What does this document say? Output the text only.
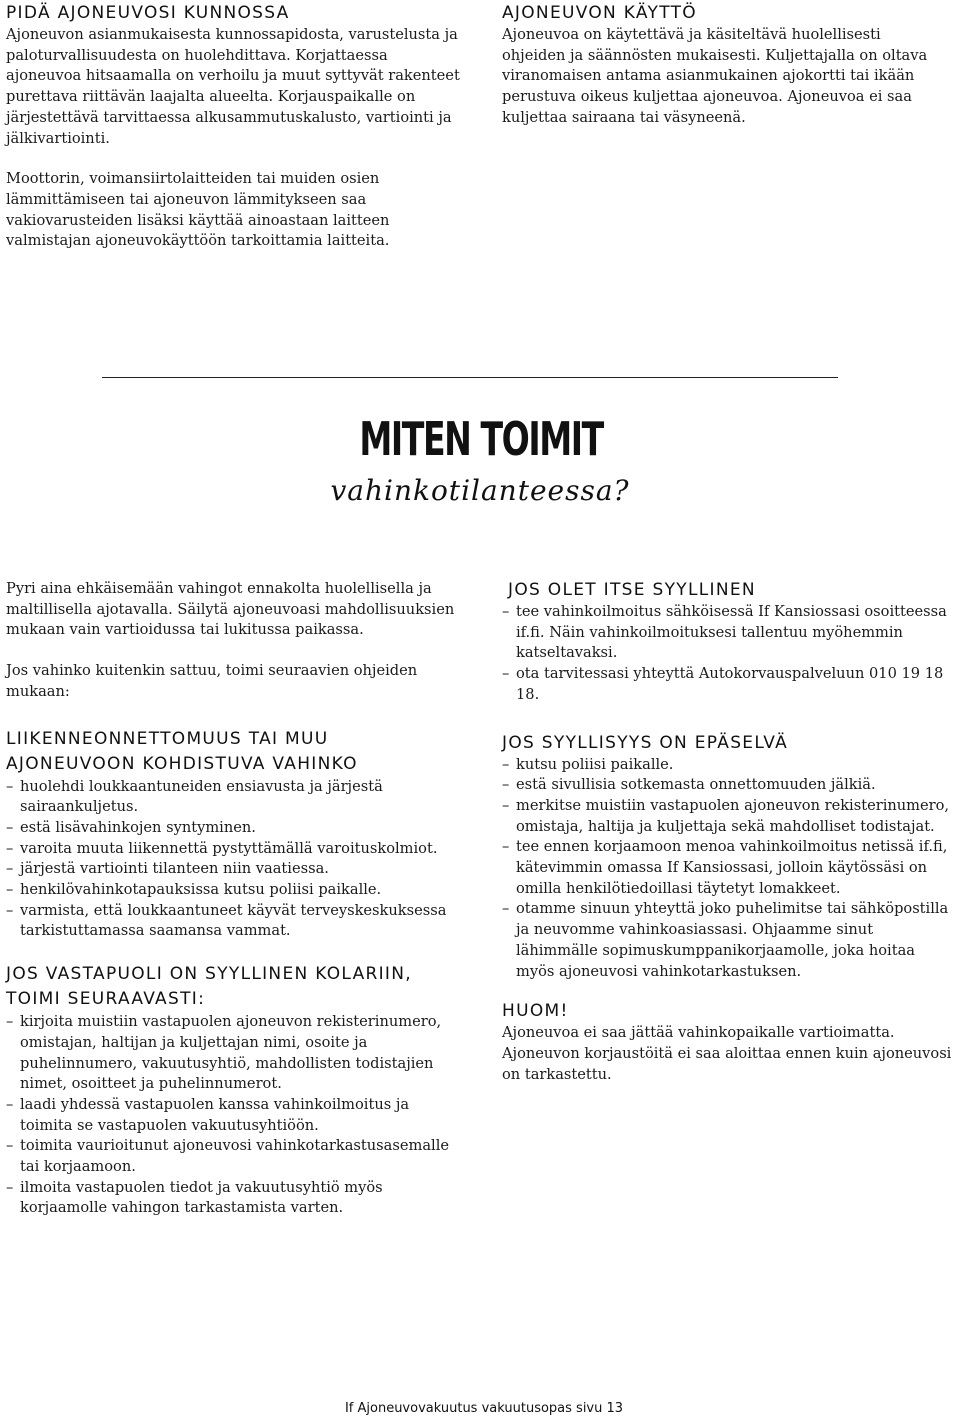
PIDÄ AJONEUVOSI KUNNOSSA

Ajoneuvon asianmukaisesta kunnossapidosta, varustelusta ja paloturvallisuudesta on huolehdittava. Korjattaessa ajoneuvoa hitsaamalla on verhoilu ja muut syttyvät rakenteet purettava riittävän laajalta alueelta. Korjauspaikalle on järjestettävä tarvittaessa alkusammutuskalusto, vartiointi ja jälkivartiointi.

Moottorin, voimansiirtolaitteiden tai muiden osien lämmittämiseen tai ajoneuvon lämmitykseen saa vakiovarusteiden lisäksi käyttää ainoastaan laitteen valmistajan ajoneuvokäyttöön tarkoittamia laitteita.

AJONEUVON KÄYTTÖ

Ajoneuvoa on käytettävä ja käsiteltävä huolellisesti ohjeiden ja säännösten mukaisesti. Kuljettajalla on oltava viranomaisen antama asianmukainen ajokortti tai ikään perustuva oikeus kuljettaa ajoneuvoa. Ajoneuvoa ei saa kuljettaa sairaana tai väsyneenä.

MITEN TOIMIT
vahinkotilanteessa?

Pyri aina ehkäisemään vahingot ennakolta huolellisella ja maltillisella ajotavalla. Säilytä ajoneuvoasi mahdollisuuksien mukaan vain vartioidussa tai lukitussa paikassa.

Jos vahinko kuitenkin sattuu, toimi seuraavien ohjeiden mukaan:

LIIKENNEONNETTOMUUS TAI MUU AJONEUVOON KOHDISTUVA VAHINKO
– huolehdi loukkaantuneiden ensiavusta ja järjestä sairaankuljetus.
– estä lisävahinkojen syntyminen.
– varoita muuta liikennettä pystyttämällä varoituskolmiot.
– järjestä vartiointi tilanteen niin vaatiessa.
– henkilövahinkotapauksissa kutsu poliisi paikalle.
– varmista, että loukkaantuneet käyvät terveyskeskuksessa tarkistuttamassa saamansa vammat.
JOS VASTAPUOLI ON SYYLLINEN KOLARIIN, TOIMI SEURAAVASTI:
– kirjoita muistiin vastapuolen ajoneuvon rekisterinumero, omistajan, haltijan ja kuljettajan nimi, osoite ja puhelinnumero, vakuutusyhtiö, mahdollisten todistajien nimet, osoitteet ja puhelinnumerot.
– laadi yhdessä vastapuolen kanssa vahinkoilmoitus ja toimita se vastapuolen vakuutusyhtiöön.
– toimita vaurioitunut ajoneuvosi vahinkotarkastusasemalle tai korjaamoon.
– ilmoita vastapuolen tiedot ja vakuutusyhtiö myös korjaamolle vahingon tarkastamista varten.
JOS OLET ITSE SYYLLINEN
– tee vahinkoilmoitus sähköisessä If Kansiossasi osoitteessa if.fi. Näin vahinkoilmoituksesi tallentuu myöhemmin katseltavaksi.
– ota tarvitessasi yhteyttä Autokorvauspalveluun 010 19 18 18.
JOS SYYLLISYYS ON EPÄSELVÄ
– kutsu poliisi paikalle.
– estä sivullisia sotkemasta onnettomuuden jälkiä.
– merkitse muistiin vastapuolen ajoneuvon rekisterinumero, omistaja, haltija ja kuljettaja sekä mahdolliset todistajat.
– tee ennen korjaamoon menoa vahinkoilmoitus netissä if.fi, kätevimmin omassa If Kansiossasi, jolloin käytössäsi on omilla henkilötiedoillasi täytetyt lomakkeet.
– otamme sinuun yhteyttä joko puhelimitse tai sähköpostilla ja neuvomme vahinkoasiassasi. Ohjaamme sinut lähimmälle sopimuskumppanikorjaamolle, joka hoitaa myös ajoneuvosi vahinkotarkastuksen.
HUOM!

Ajoneuvoa ei saa jättää vahinkopaikalle vartioimatta. Ajoneuvon korjaustöitä ei saa aloittaa ennen kuin ajoneuvosi on tarkastettu.

If Ajoneuvovakuutus vakuutusopas sivu 13
